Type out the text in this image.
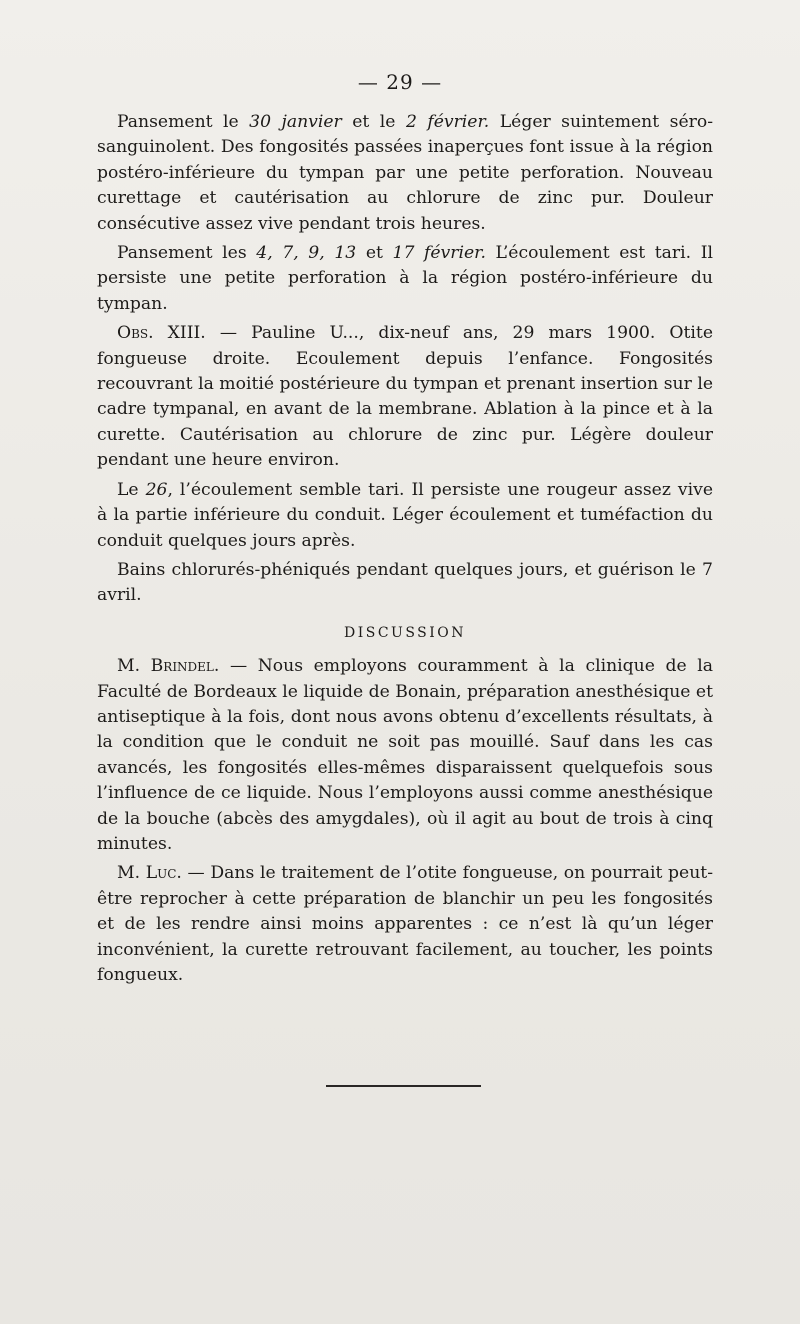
— 29 —

Pansement le 30 janvier et le 2 février. Léger suintement séro-sanguinolent. Des fongosités passées inaperçues font issue à la région postéro-inférieure du tympan par une petite perforation. Nouveau curettage et cautérisation au chlorure de zinc pur. Douleur consécutive assez vive pendant trois heures.

Pansement les 4, 7, 9, 13 et 17 février. L’écoulement est tari. Il persiste une petite perforation à la région postéro-inférieure du tympan.

Obs. XIII. — Pauline U..., dix-neuf ans, 29 mars 1900. Otite fongueuse droite. Ecoulement depuis l’enfance. Fongosités recouvrant la moitié postérieure du tympan et prenant insertion sur le cadre tympanal, en avant de la membrane. Ablation à la pince et à la curette. Cautérisation au chlorure de zinc pur. Légère douleur pendant une heure environ.

Le 26, l’écoulement semble tari. Il persiste une rougeur assez vive à la partie inférieure du conduit. Léger écoulement et tuméfaction du conduit quelques jours après.

Bains chlorurés-phéniqués pendant quelques jours, et guérison le 7 avril.

DISCUSSION

M. Brindel. — Nous employons couramment à la clinique de la Faculté de Bordeaux le liquide de Bonain, préparation anesthésique et antiseptique à la fois, dont nous avons obtenu d’excellents résultats, à la condition que le conduit ne soit pas mouillé. Sauf dans les cas avancés, les fongosités elles-mêmes disparaissent quelquefois sous l’influence de ce liquide. Nous l’employons aussi comme anesthésique de la bouche (abcès des amygdales), où il agit au bout de trois à cinq minutes.

M. Luc. — Dans le traitement de l’otite fongueuse, on pourrait peut-être reprocher à cette préparation de blanchir un peu les fongosités et de les rendre ainsi moins apparentes : ce n’est là qu’un léger inconvénient, la curette retrouvant facilement, au toucher, les points fongueux.
